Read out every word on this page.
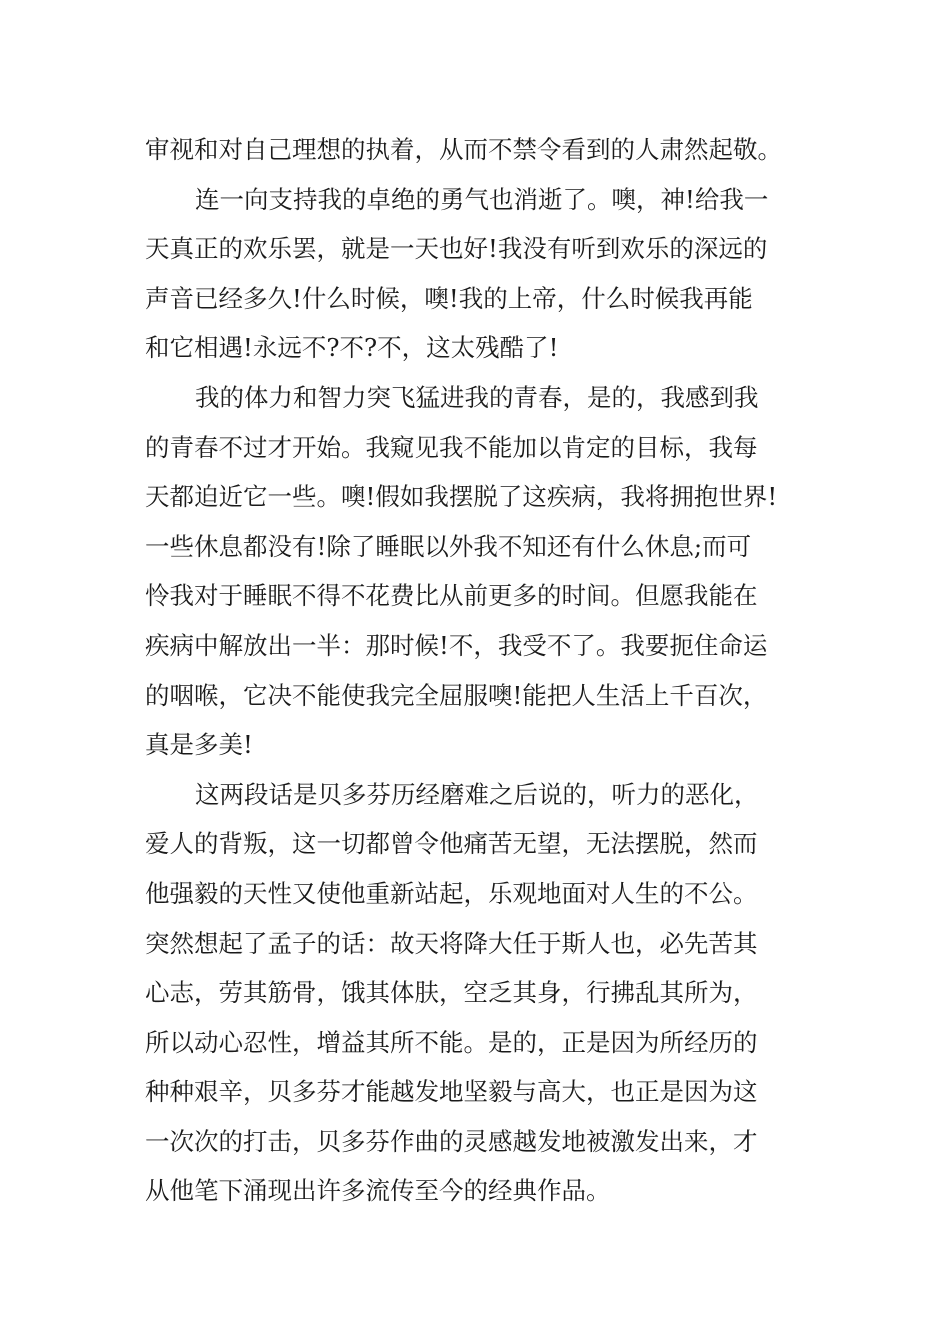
审视和对自己理想的执着，从而不禁令看到的人肃然起敬。
连一向支持我的卓绝的勇气也消逝了。噢，神!给我一
天真正的欢乐罢，就是一天也好!我没有听到欢乐的深远的
声音已经多久!什么时候，噢!我的上帝，什么时候我再能
和它相遇!永远不?不?不，这太残酷了!
我的体力和智力突飞猛进我的青春，是的，我感到我
的青春不过才开始。我窥见我不能加以肯定的目标，我每
天都迫近它一些。噢!假如我摆脱了这疾病，我将拥抱世界!
一些休息都没有!除了睡眠以外我不知还有什么休息;而可
怜我对于睡眠不得不花费比从前更多的时间。但愿我能在
疾病中解放出一半：那时候!不，我受不了。我要扼住命运
的咽喉，它决不能使我完全屈服噢!能把人生活上千百次，
真是多美!
这两段话是贝多芬历经磨难之后说的，听力的恶化，
爱人的背叛，这一切都曾令他痛苦无望，无法摆脱，然而
他强毅的天性又使他重新站起，乐观地面对人生的不公。
突然想起了孟子的话：故天将降大任于斯人也，必先苦其
心志，劳其筋骨，饿其体肤，空乏其身，行拂乱其所为，
所以动心忍性，增益其所不能。是的，正是因为所经历的
种种艰辛，贝多芬才能越发地坚毅与高大，也正是因为这
一次次的打击，贝多芬作曲的灵感越发地被激发出来，才
从他笔下涌现出许多流传至今的经典作品。
